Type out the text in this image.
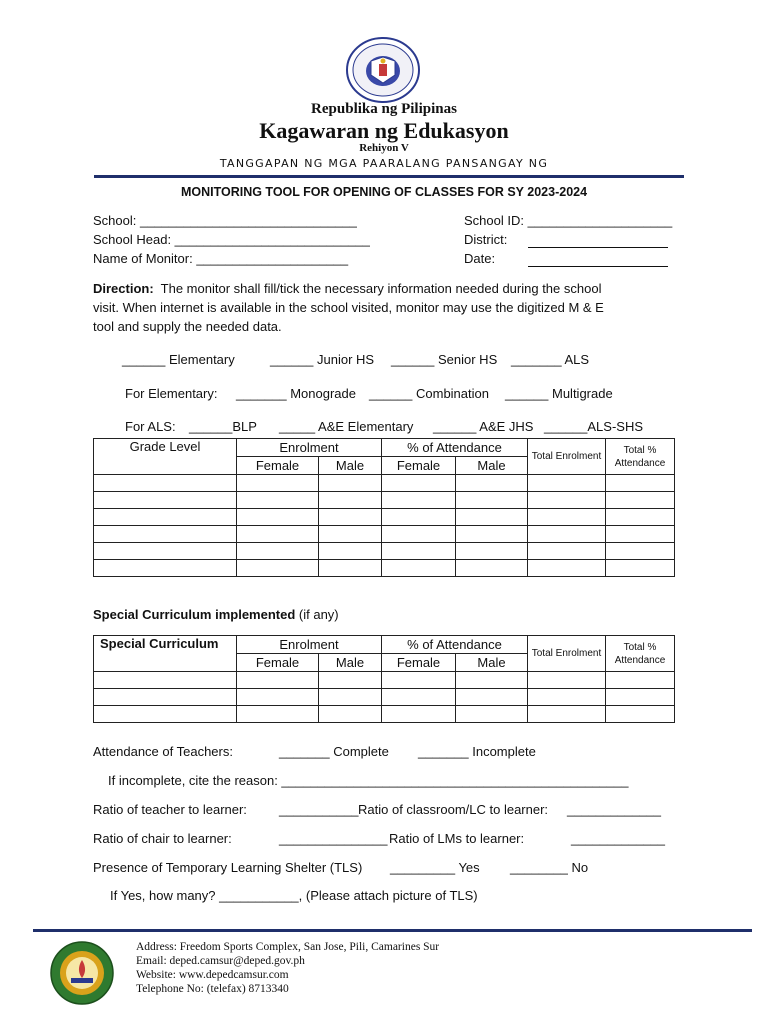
Republika ng Pilipinas
Kagawaran ng Edukasyon
Rehiyon V
TANGGAPAN NG MGA PAARALANG PANSANGAY NG
MONITORING TOOL FOR OPENING OF CLASSES FOR SY 2023-2024
School: ______________________________
School Head: ___________________________
Name of Monitor: _____________________
School ID: ____________________
District:
Date:
Direction: The monitor shall fill/tick the necessary information needed during the school
visit. When internet is available in the school visited, monitor may use the digitized M & E
tool and supply the needed data.
______ Elementary	______ Junior HS ______ Senior HS _______ ALS
For Elementary: _______ Monograde ______ Combination ______ Multigrade
For ALS: ______BLP _____ A&E Elementary ______ A&E JHS ______ALS-SHS
Grade Level	Enrolment		% of Attendance		Total Enrolment	Total % Attendance
	Female	Male	Female	Male		

Special Curriculum implemented (if any)
Special Curriculum	Enrolment		% of Attendance		Total Enrolment	Total % Attendance
	Female	Male	Female	Male		

Attendance of Teachers:	_______ Complete _______ Incomplete
If incomplete, cite the reason: ________________________________________________
Ratio of teacher to learner: ___________ Ratio of classroom/LC to learner: _____________
Ratio of chair to learner:	_______________ Ratio of LMs to learner:	_____________
Presence of Temporary Learning Shelter (TLS) _________ Yes ________ No
If Yes, how many? ___________, (Please attach picture of TLS)
Address: Freedom Sports Complex, San Jose, Pili, Camarines Sur
Email: deped.camsur@deped.gov.ph
Website: www.depedcamsur.com
Telephone No: (telefax) 8713340
